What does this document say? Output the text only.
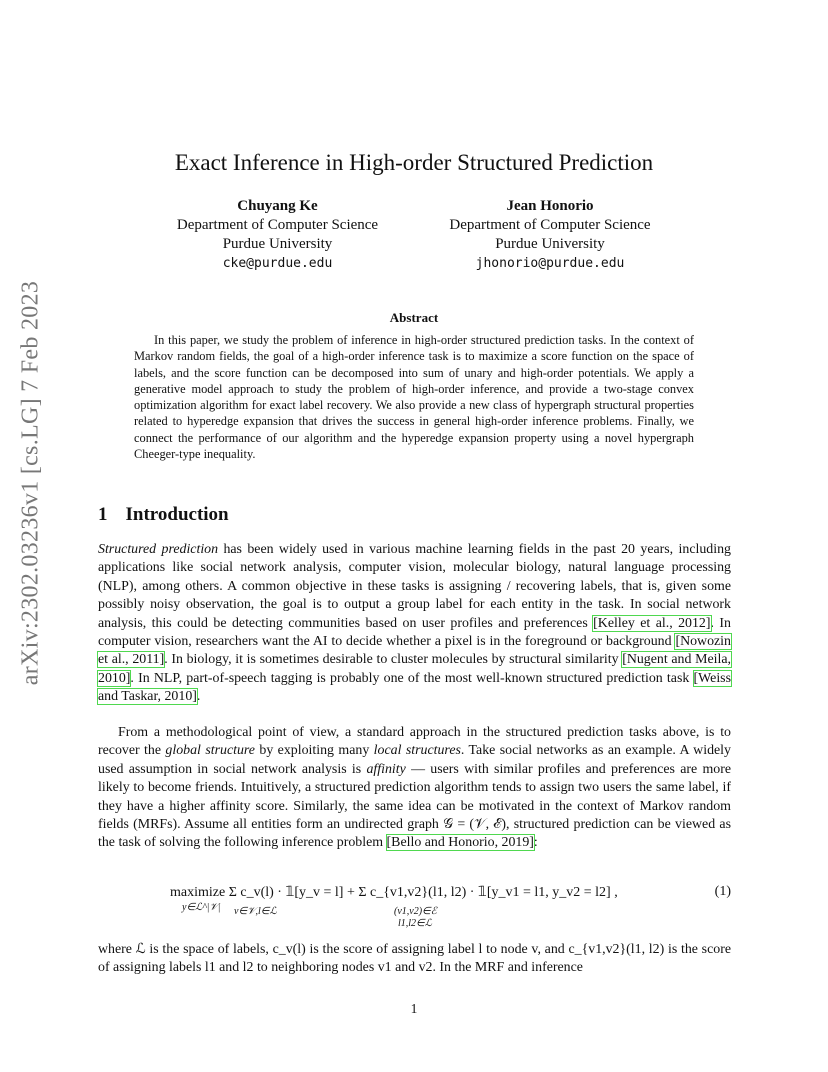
arXiv:2302.03236v1 [cs.LG] 7 Feb 2023
Exact Inference in High-order Structured Prediction
Chuyang Ke
Department of Computer Science
Purdue University
cke@purdue.edu
Jean Honorio
Department of Computer Science
Purdue University
jhonorio@purdue.edu
Abstract
In this paper, we study the problem of inference in high-order structured prediction tasks. In the context of Markov random fields, the goal of a high-order inference task is to maximize a score function on the space of labels, and the score function can be decomposed into sum of unary and high-order potentials. We apply a generative model approach to study the problem of high-order inference, and provide a two-stage convex optimization algorithm for exact label recovery. We also provide a new class of hypergraph structural properties related to hyperedge expansion that drives the success in general high-order inference problems. Finally, we connect the performance of our algorithm and the hyperedge expansion property using a novel hypergraph Cheeger-type inequality.
1 Introduction
Structured prediction has been widely used in various machine learning fields in the past 20 years, including applications like social network analysis, computer vision, molecular biology, natural language processing (NLP), among others. A common objective in these tasks is assigning / recovering labels, that is, given some possibly noisy observation, the goal is to output a group label for each entity in the task. In social network analysis, this could be detecting communities based on user profiles and preferences [Kelley et al., 2012]. In computer vision, researchers want the AI to decide whether a pixel is in the foreground or background [Nowozin et al., 2011]. In biology, it is sometimes desirable to cluster molecules by structural similarity [Nugent and Meila, 2010]. In NLP, part-of-speech tagging is probably one of the most well-known structured prediction task [Weiss and Taskar, 2010].
From a methodological point of view, a standard approach in the structured prediction tasks above, is to recover the global structure by exploiting many local structures. Take social networks as an example. A widely used assumption in social network analysis is affinity — users with similar profiles and preferences are more likely to become friends. Intuitively, a structured prediction algorithm tends to assign two users the same label, if they have a higher affinity score. Similarly, the same idea can be motivated in the context of Markov random fields (MRFs). Assume all entities form an undirected graph 𝒢 = (𝒱, ℰ), structured prediction can be viewed as the task of solving the following inference problem [Bello and Honorio, 2019]:
maximize Σ c_v(l) · 𝟙[y_v = l] + Σ c_{v1,v2}(l1, l2) · 𝟙[y_v1 = l1, y_v2 = l2] ,
y∈ℒ^|𝒱| v∈𝒱,l∈ℒ	(v1,v2)∈ℰ
l1,l2∈ℒ
(1)
where ℒ is the space of labels, c_v(l) is the score of assigning label l to node v, and c_{v1,v2}(l1, l2) is the score of assigning labels l1 and l2 to neighboring nodes v1 and v2. In the MRF and inference
1
